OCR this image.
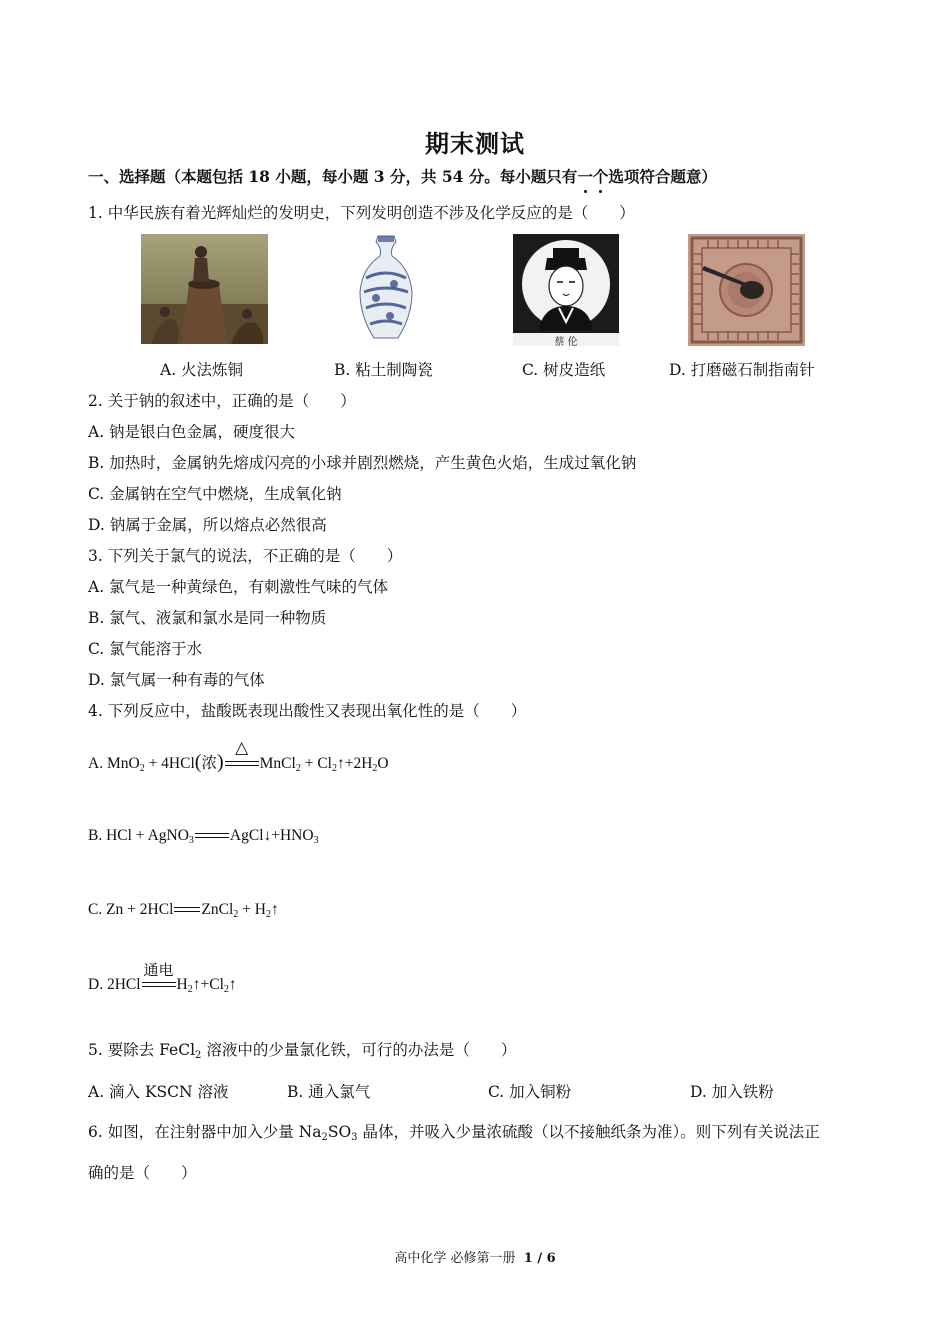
期末测试
一、选择题（本题包括 18 小题，每小题 3 分，共 54 分。每小题只有一个选项符合题意）
1. 中华民族有着光辉灿烂的发明史，下列发明创造不涉及化学反应的是（　　）
蔡 伦
A. 火法炼铜	B. 粘土制陶瓷	C. 树皮造纸	D. 打磨磁石制指南针
2. 关于钠的叙述中，正确的是（　　）
A. 钠是银白色金属，硬度很大
B. 加热时，金属钠先熔成闪亮的小球并剧烈燃烧，产生黄色火焰，生成过氧化钠
C. 金属钠在空气中燃烧，生成氧化钠
D. 钠属于金属，所以熔点必然很高
3. 下列关于氯气的说法，不正确的是（　　）
A. 氯气是一种黄绿色，有刺激性气味的气体
B. 氯气、液氯和氯水是同一种物质
C. 氯气能溶于水
D. 氯气属一种有毒的气体
4. 下列反应中，盐酸既表现出酸性又表现出氧化性的是（　　）
A. MnO$_2$ + 4HCl(浓)
△
MnCl$_2$ + $Cl_2↑+2H_2O$
B. HCl + AgNO$_3$ $AgCl↓+HNO_3$
C. Zn + 2HCl ZnCl$_2$ + $H_2↑$
D. 2HCl
通电
$H_2↑+Cl_2↑$
5. 要除去 FeCl$_2$ 溶液中的少量氯化铁，可行的办法是（　　）
A. 滴入 KSCN 溶液	B. 通入氯气	C. 加入铜粉	D. 加入铁粉
6. 如图，在注射器中加入少量 $Na_2SO_3$ 晶体，并吸入少量浓硫酸（以不接触纸条为准）。则下列有关说法正
确的是（　　）
高中化学 必修第一册 1 / 6
